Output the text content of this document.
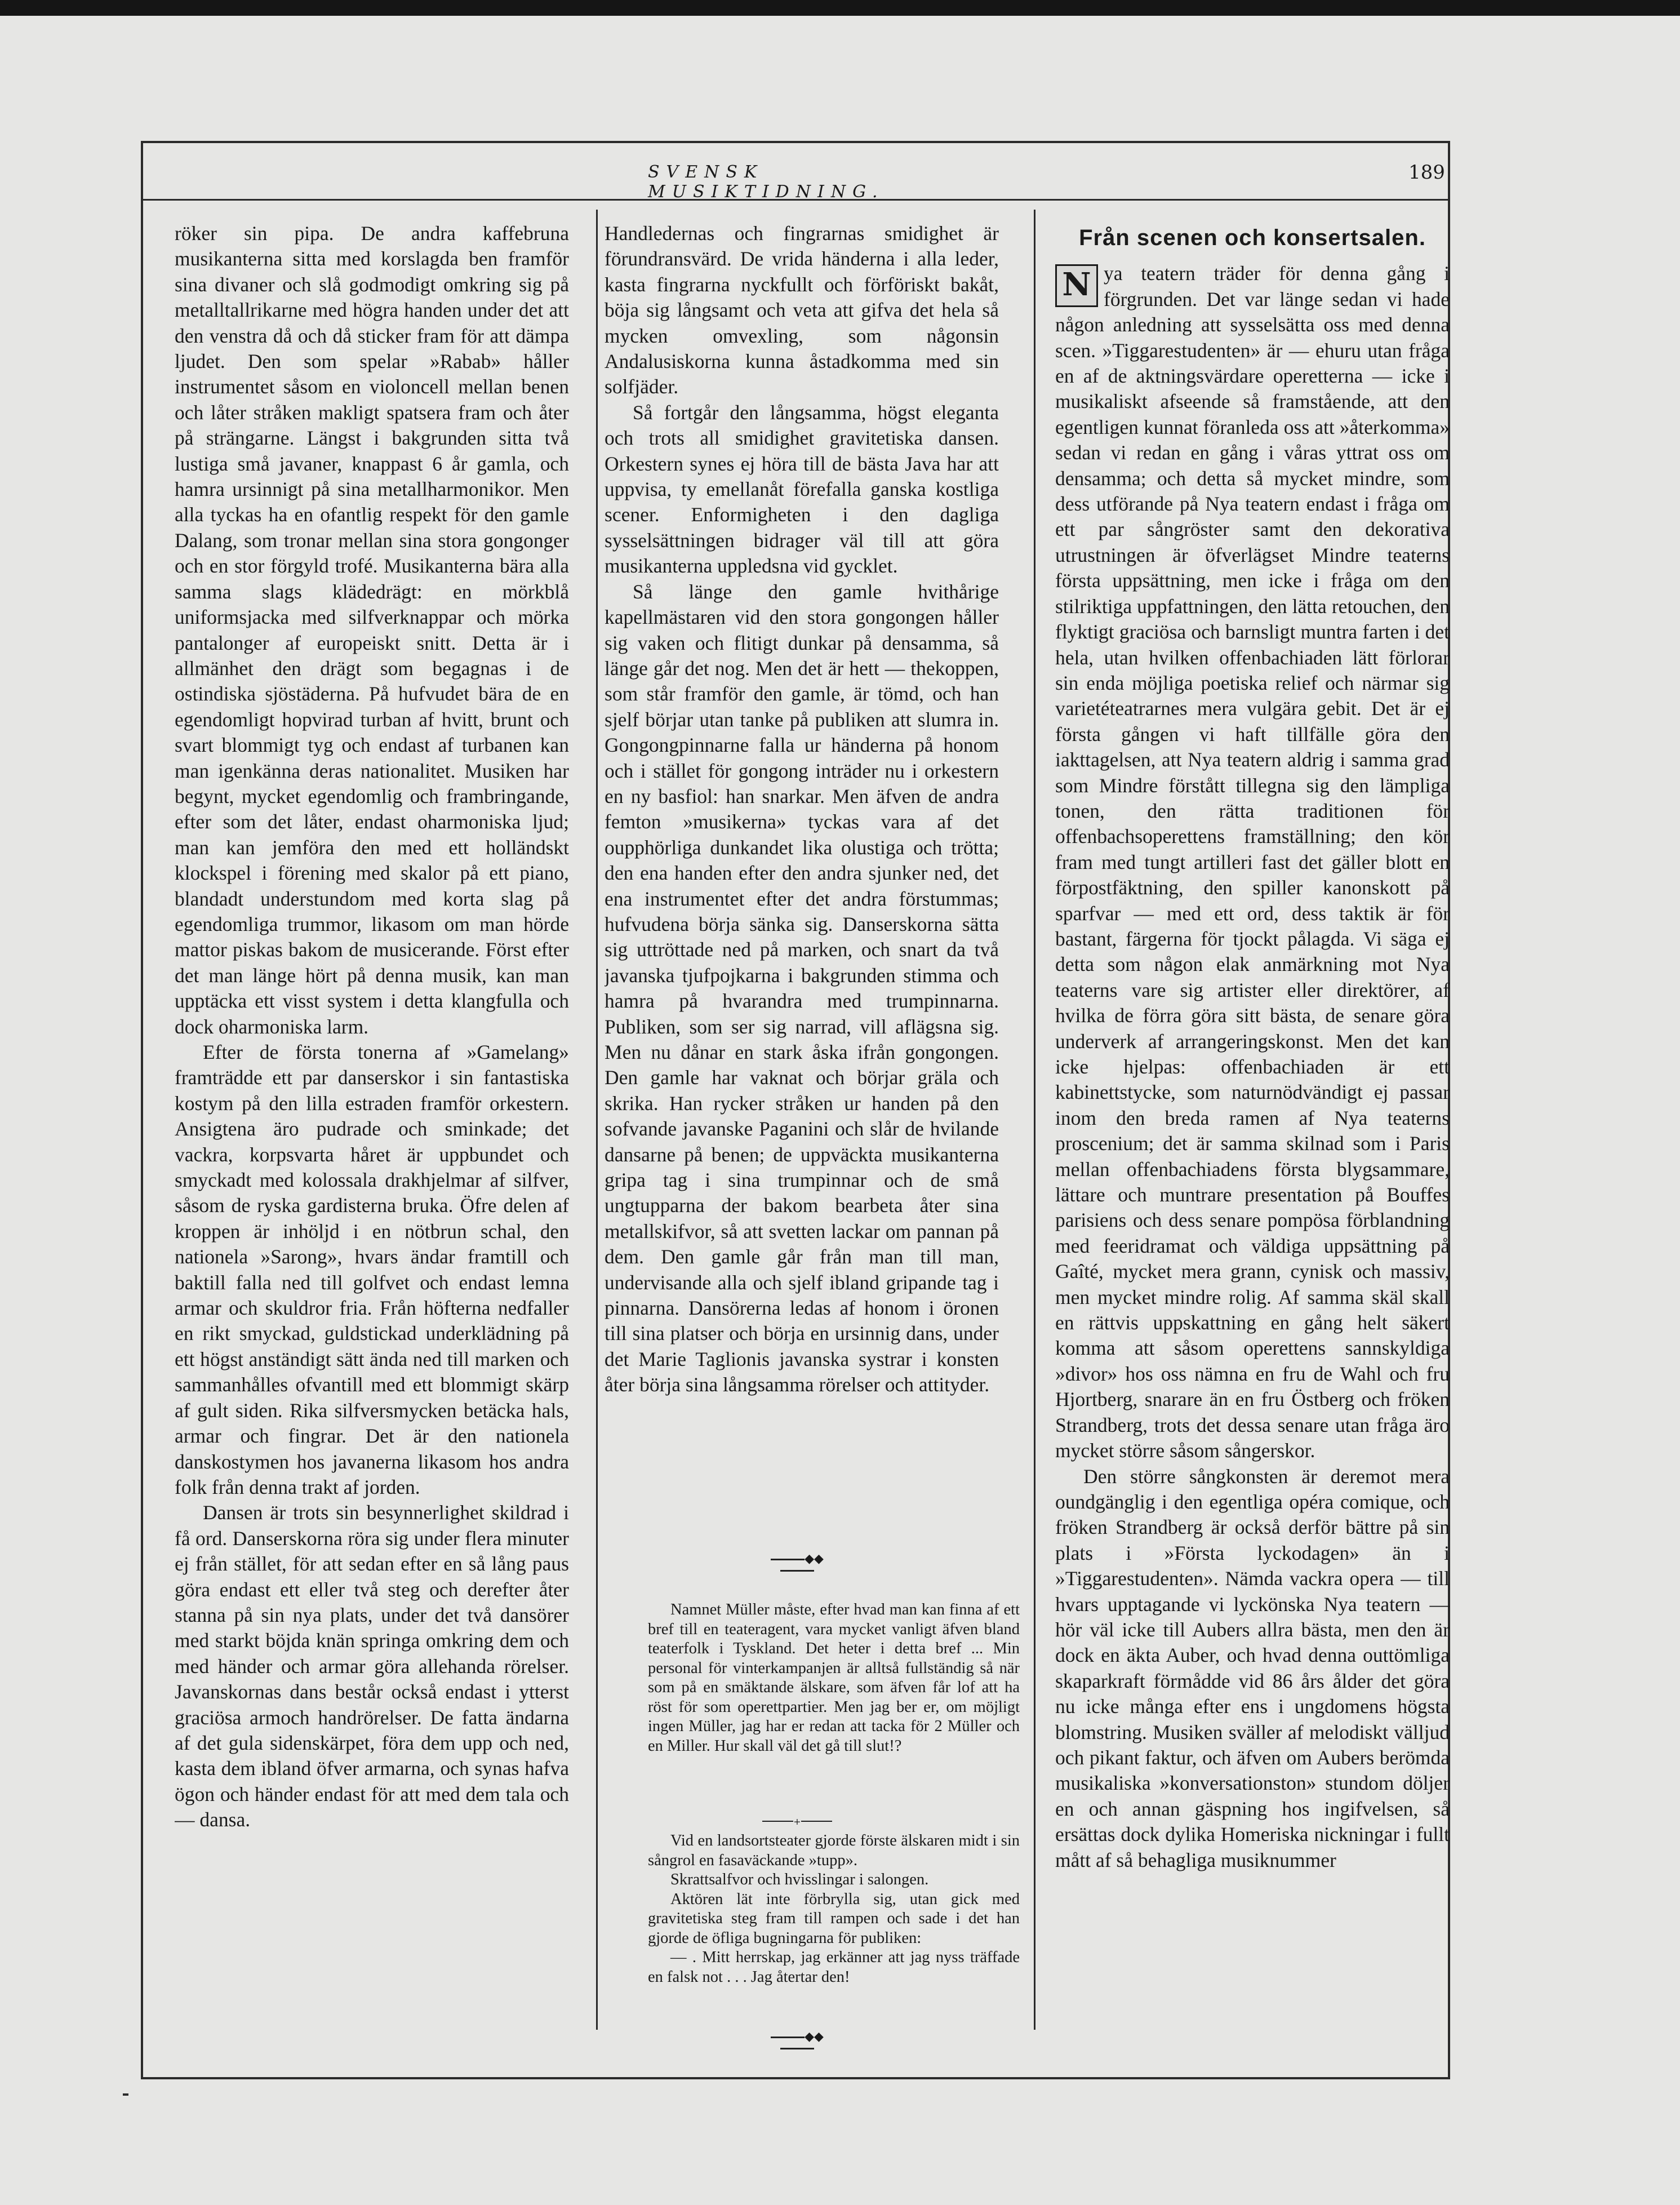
SVENSK MUSIKTIDNING.
189

röker sin pipa. De andra kaffebruna musikanterna sitta med korslagda ben framför sina divaner och slå godmodigt omkring sig på metalltallrikarne med högra handen under det att den venstra då och då sticker fram för att dämpa ljudet. Den som spelar »Rabab» håller instrumentet såsom en violoncell mellan benen och låter stråken makligt spatsera fram och åter på strängarne. Längst i bakgrunden sitta två lustiga små javaner, knappast 6 år gamla, och hamra ursinnigt på sina metallharmonikor. Men alla tyckas ha en ofantlig respekt för den gamle Dalang, som tronar mellan sina stora gongonger och en stor förgyld trofé. Musikanterna bära alla samma slags klädedrägt: en mörkblå uniformsjacka med silfverknappar och mörka pantalonger af europeiskt snitt. Detta är i allmänhet den drägt som begagnas i de ostindiska sjöstäderna. På hufvudet bära de en egendomligt hopvirad turban af hvitt, brunt och svart blommigt tyg och endast af turbanen kan man igenkänna deras nationalitet. Musiken har begynt, mycket egendomlig och frambringande, efter som det låter, endast oharmoniska ljud; man kan jemföra den med ett holländskt klockspel i förening med skalor på ett piano, blandadt understundom med korta slag på egendomliga trummor, likasom om man hörde mattor piskas bakom de musicerande. Först efter det man länge hört på denna musik, kan man upptäcka ett visst system i detta klangfulla och dock oharmoniska larm.

Efter de första tonerna af »Gamelang» framträdde ett par danserskor i sin fantastiska kostym på den lilla estraden framför orkestern. Ansigtena äro pudrade och sminkade; det vackra, korpsvarta håret är uppbundet och smyckadt med kolossala drakhjelmar af silfver, såsom de ryska gardisterna bruka. Öfre delen af kroppen är inhöljd i en nötbrun schal, den nationela »Sarong», hvars ändar framtill och baktill falla ned till golfvet och endast lemna armar och skuldror fria. Från höfterna nedfaller en rikt smyckad, guldstickad underklädning på ett högst anständigt sätt ända ned till marken och sammanhålles ofvantill med ett blommigt skärp af gult siden. Rika silfversmycken betäcka hals, armar och fingrar. Det är den nationela danskostymen hos javanerna likasom hos andra folk från denna trakt af jorden.

Dansen är trots sin besynnerlighet skildrad i få ord. Danserskorna röra sig under flera minuter ej från stället, för att sedan efter en så lång paus göra endast ett eller två steg och derefter åter stanna på sin nya plats, under det två dansörer med starkt böjda knän springa omkring dem och med händer och armar göra allehanda rörelser. Javanskornas dans består också endast i ytterst graciösa armoch handrörelser. De fatta ändarna af det gula sidenskärpet, föra dem upp och ned, kasta dem ibland öfver armarna, och synas hafva ögon och händer endast för att med dem tala och — dansa.

Handledernas och fingrarnas smidighet är förundransvärd. De vrida händerna i alla leder, kasta fingrarna nyckfullt och förföriskt bakåt, böja sig långsamt och veta att gifva det hela så mycken omvexling, som någonsin Andalusiskorna kunna åstadkomma med sin solfjäder.

Så fortgår den långsamma, högst eleganta och trots all smidighet gravitetiska dansen. Orkestern synes ej höra till de bästa Java har att uppvisa, ty emellanåt förefalla ganska kostliga scener. Enformigheten i den dagliga sysselsättningen bidrager väl till att göra musikanterna uppledsna vid gycklet.

Så länge den gamle hvithårige kapellmästaren vid den stora gongongen håller sig vaken och flitigt dunkar på densamma, så länge går det nog. Men det är hett — thekoppen, som står framför den gamle, är tömd, och han sjelf börjar utan tanke på publiken att slumra in. Gongongpinnarne falla ur händerna på honom och i stället för gongong inträder nu i orkestern en ny basfiol: han snarkar. Men äfven de andra femton »musikerna» tyckas vara af det oupphörliga dunkandet lika olustiga och trötta; den ena handen efter den andra sjunker ned, det ena instrumentet efter det andra förstummas; hufvudena börja sänka sig. Danserskorna sätta sig uttröttade ned på marken, och snart da två javanska tjufpojkarna i bakgrunden stimma och hamra på hvarandra med trumpinnarna. Publiken, som ser sig narrad, vill aflägsna sig. Men nu dånar en stark åska ifrån gongongen. Den gamle har vaknat och börjar gräla och skrika. Han rycker stråken ur handen på den sofvande javanske Paganini och slår de hvilande dansarne på benen; de uppväckta musikanterna gripa tag i sina trumpinnar och de små ungtupparna der bakom bearbeta åter sina metallskifvor, så att svetten lackar om pannan på dem. Den gamle går från man till man, undervisande alla och sjelf ibland gripande tag i pinnarna. Dansörerna ledas af honom i öronen till sina platser och börja en ursinnig dans, under det Marie Taglionis javanska systrar i konsten åter börja sina långsamma rörelser och attityder.

◆◆

Namnet Müller måste, efter hvad man kan finna af ett bref till en teateragent, vara mycket vanligt äfven bland teaterfolk i Tyskland. Det heter i detta bref ... Min personal för vinterkampanjen är alltså fullständig så när som på en smäktande älskare, som äfven får lof att ha röst för som operettpartier. Men jag ber er, om möjligt ingen Müller, jag har er redan att tacka för 2 Müller och en Miller. Hur skall väl det gå till slut!?

+

Vid en landsortsteater gjorde förste älskaren midt i sin sångrol en fasaväckande »tupp».

Skrattsalfvor och hvisslingar i salongen.

Aktören lät inte förbrylla sig, utan gick med gravitetiska steg fram till rampen och sade i det han gjorde de öfliga bugningarna för publiken:

— . Mitt herrskap, jag erkänner att jag nyss träffade en falsk not . . . Jag återtar den!

◆◆
Från scenen och konsertsalen.

N ya teatern träder för denna gång i förgrunden. Det var länge sedan vi hade någon anledning att sysselsätta oss med denna scen. »Tiggarestudenten» är — ehuru utan fråga en af de aktningsvärdare operetterna — icke i musikaliskt afseende så framstående, att den egentligen kunnat föranleda oss att »återkomma» sedan vi redan en gång i våras yttrat oss om densamma; och detta så mycket mindre, som dess utförande på Nya teatern endast i fråga om ett par sångröster samt den dekorativa utrustningen är öfverlägset Mindre teaterns första uppsättning, men icke i fråga om den stilriktiga uppfattningen, den lätta retouchen, den flyktigt graciösa och barnsligt muntra farten i det hela, utan hvilken offenbachiaden lätt förlorar sin enda möjliga poetiska relief och närmar sig varietéteatrarnes mera vulgära gebit. Det är ej första gången vi haft tillfälle göra den iakttagelsen, att Nya teatern aldrig i samma grad som Mindre förstått tillegna sig den lämpliga tonen, den rätta traditionen för offenbachsoperettens framställning; den kör fram med tungt artilleri fast det gäller blott en förpostfäktning, den spiller kanonskott på sparfvar — med ett ord, dess taktik är för bastant, färgerna för tjockt pålagda. Vi säga ej detta som någon elak anmärkning mot Nya teaterns vare sig artister eller direktörer, af hvilka de förra göra sitt bästa, de senare göra underverk af arrangeringskonst. Men det kan icke hjelpas: offenbachiaden är ett kabinettstycke, som naturnödvändigt ej passar inom den breda ramen af Nya teaterns proscenium; det är samma skilnad som i Paris mellan offenbachiadens första blygsammare, lättare och muntrare presentation på Bouffes parisiens och dess senare pompösa förblandning med feeridramat och väldiga uppsättning på Gaîté, mycket mera grann, cynisk och massiv, men mycket mindre rolig. Af samma skäl skall en rättvis uppskattning en gång helt säkert komma att såsom operettens sannskyldiga »divor» hos oss nämna en fru de Wahl och fru Hjortberg, snarare än en fru Östberg och fröken Strandberg, trots det dessa senare utan fråga äro mycket större såsom sångerskor.

Den större sångkonsten är deremot mera oundgänglig i den egentliga opéra comique, och fröken Strandberg är också derför bättre på sin plats i »Första lyckodagen» än i »Tiggarestudenten». Nämda vackra opera — till hvars upptagande vi lyckönska Nya teatern — hör väl icke till Aubers allra bästa, men den är dock en äkta Auber, och hvad denna outtömliga skaparkraft förmådde vid 86 års ålder det göra nu icke många efter ens i ungdomens högsta blomstring. Musiken sväller af melodiskt välljud och pikant faktur, och äfven om Aubers berömda musikaliska »konversationston» stundom döljer en och annan gäspning hos ingifvelsen, så ersättas dock dylika Homeriska nickningar i fullt mått af så behagliga musiknummer
